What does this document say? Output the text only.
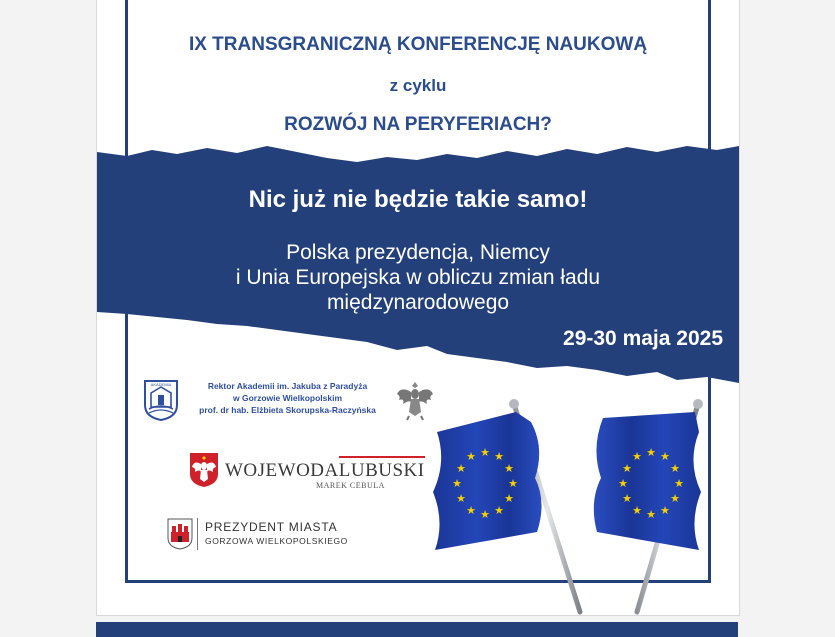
IX TRANSGRANICZNĄ KONFERENCJĘ NAUKOWĄ
z cyklu
ROZWÓJ NA PERYFERIACH?
Nic już nie będzie takie samo!
Polska prezydencja, Niemcy
i Unia Europejska w obliczu zmian ładu
międzynarodowego
29-30 maja 2025
AKADEMIA	Rektor Akademii im. Jakuba z Paradyża
w Gorzowie Wielkopolskim
prof. dr hab. Elżbieta Skorupska-Raczyńska
WOJEWODALUBUSKI
MAREK CEBULA
PREZYDENT MIASTA
GORZOWA WIELKOPOLSKIEGO
★ ★
★
★
★
★
★
★
★
★
★
★	★ ★
★
★
★
★
★
★
★
★
★
★
